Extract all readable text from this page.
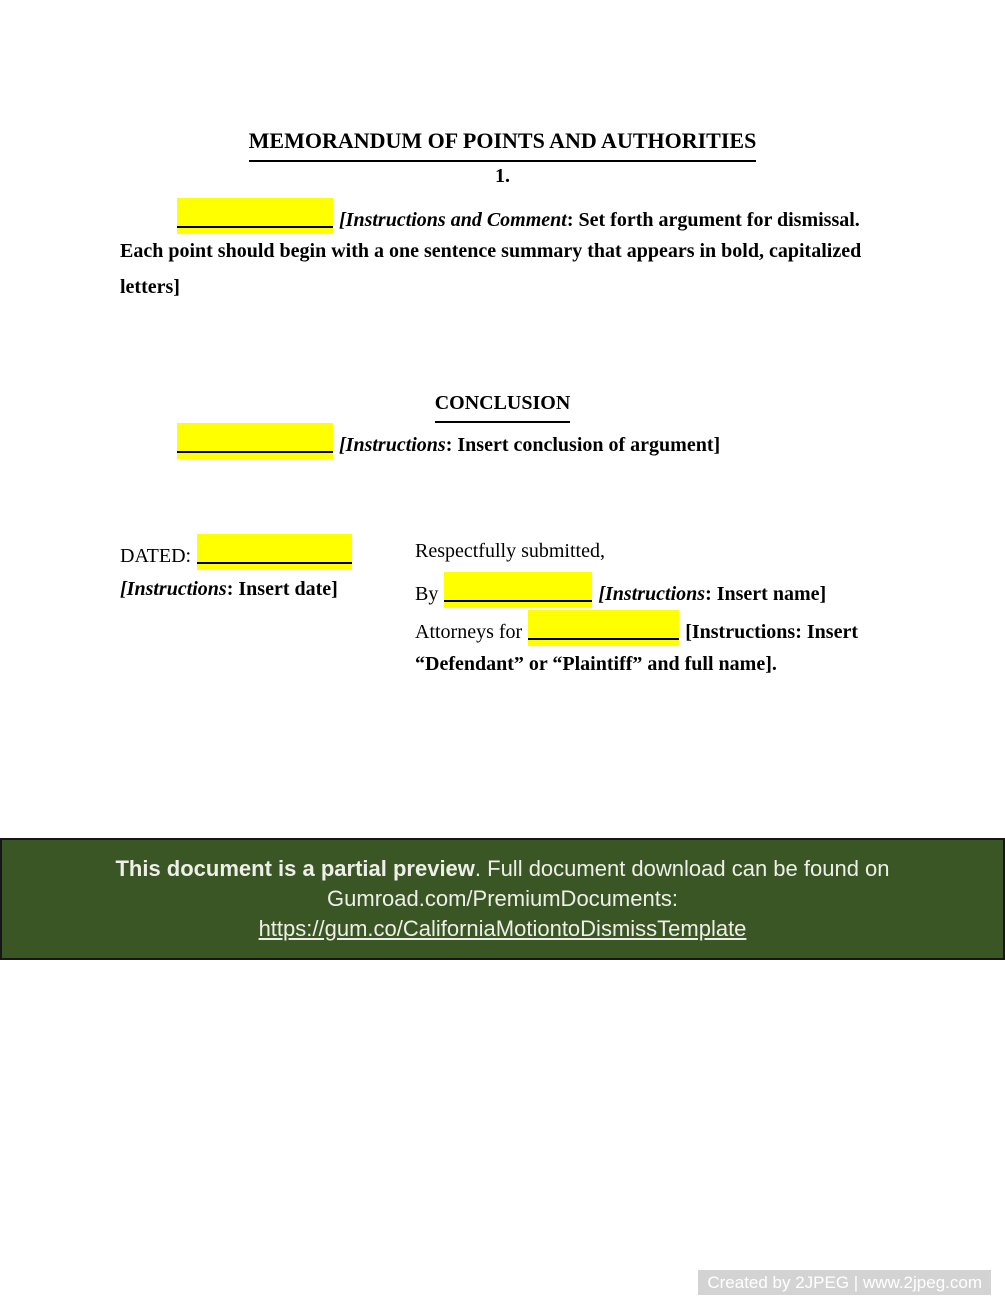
MEMORANDUM OF POINTS AND AUTHORITIES
1.
[Instructions and Comment: Set forth argument for dismissal.
Each point should begin with a one sentence summary that appears in bold, capitalized
letters]
CONCLUSION
[Instructions: Insert conclusion of argument]
DATED:
[Instructions: Insert date]
Respectfully submitted,
By	[Instructions: Insert name]
Attorneys for	[Instructions: Insert
“Defendant” or “Plaintiff” and full name].
This document is a partial preview. Full document download can be found on
Gumroad.com/PremiumDocuments:
https://gum.co/CaliforniaMotiontoDismissTemplate
Created by 2JPEG | www.2jpeg.com
